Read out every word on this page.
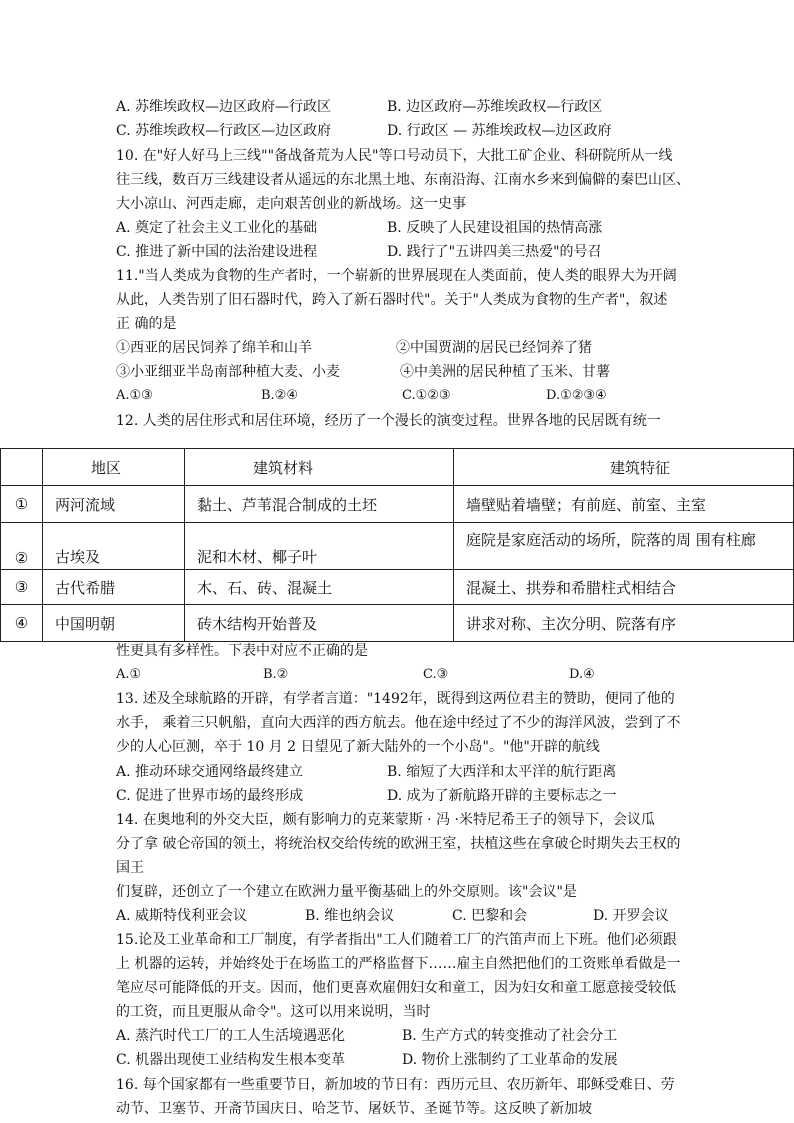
A. 苏维埃政权—边区政府—行政区	B. 边区政府—苏维埃政权—行政区
C. 苏维埃政权—行政区—边区政府	D. 行政区 — 苏维埃政权—边区政府
10. 在"好人好马上三线""备战备荒为人民"等口号动员下，大批工矿企业、科研院所从一线
往三线，数百万三线建设者从遥远的东北黑土地、东南沿海、江南水乡来到偏僻的秦巴山区、
大小凉山、河西走廊，走向艰苦创业的新战场。这一史事
A. 奠定了社会主义工业化的基础	B. 反映了人民建设祖国的热情高涨
C. 推进了新中国的法治建设进程	D. 践行了"五讲四美三热爱"的号召
11."当人类成为食物的生产者时，一个崭新的世界展现在人类面前，使人类的眼界大为开阔
从此，人类告别了旧石器时代，跨入了新石器时代"。关于"人类成为食物的生产者"，叙述
正 确的是
①西亚的居民饲养了绵羊和山羊	②中国贾湖的居民已经饲养了猪
③小亚细亚半岛南部种植大麦、小麦	④中美洲的居民种植了玉米、甘薯
A.①③	B.②④	C.①②③	D.①②③④
12. 人类的居住形式和居住环境，经历了一个漫长的演变过程。世界各地的民居既有统一
	地区	建筑材料	建筑特征
①	两河流域	黏土、芦苇混合制成的土坯	墙壁贴着墙壁；有前庭、前室、主室
②	古埃及	泥和木材、椰子叶	庭院是家庭活动的场所，院落的周 围有柱廊
③	古代希腊	木、石、砖、混凝土	混凝土、拱券和希腊柱式相结合
④	中国明朝	砖木结构开始普及	讲求对称、主次分明、院落有序
性更具有多样性。下表中对应不正确的是
A.①	B.②	C.③	D.④
13. 述及全球航路的开辟，有学者言道："1492年，既得到这两位君主的赞助，便同了他的
水手， 乘着三只帆船，直向大西洋的西方航去。他在途中经过了不少的海洋风波，尝到了不
少的人心叵测，卒于 10 月 2 日望见了新大陆外的一个小岛"。"他"开辟的航线
A. 推动环球交通网络最终建立	B. 缩短了大西洋和太平洋的航行距离
C. 促进了世界市场的最终形成	D. 成为了新航路开辟的主要标志之一
14. 在奥地利的外交大臣，颇有影响力的克莱蒙斯 · 冯 ·米特尼希王子的领导下，会议瓜
分了拿 破仑帝国的领土，将统治权交给传统的欧洲王室，扶植这些在拿破仑时期失去王权的
国王
们复辟，还创立了一个建立在欧洲力量平衡基础上的外交原则。该"会议"是
A. 威斯特伐利亚会议	B. 维也纳会议	C. 巴黎和会	D. 开罗会议
15.论及工业革命和工厂制度，有学者指出"工人们随着工厂的汽笛声而上下班。他们必须跟
上 机器的运转，并始终处于在场监工的严格监督下……雇主自然把他们的工资账单看做是一
笔应尽可能降低的开支。因而，他们更喜欢雇佣妇女和童工，因为妇女和童工愿意接受较低
的工资，而且更服从命令"。这可以用来说明，当时
A. 蒸汽时代工厂的工人生活境遇恶化	B. 生产方式的转变推动了社会分工
C. 机器出现使工业结构发生根本变革	D. 物价上涨制约了工业革命的发展
16. 每个国家都有一些重要节日，新加坡的节日有：西历元旦、农历新年、耶稣受难日、劳
动节、卫塞节、开斋节国庆日、哈芝节、屠妖节、圣诞节等。这反映了新加坡
